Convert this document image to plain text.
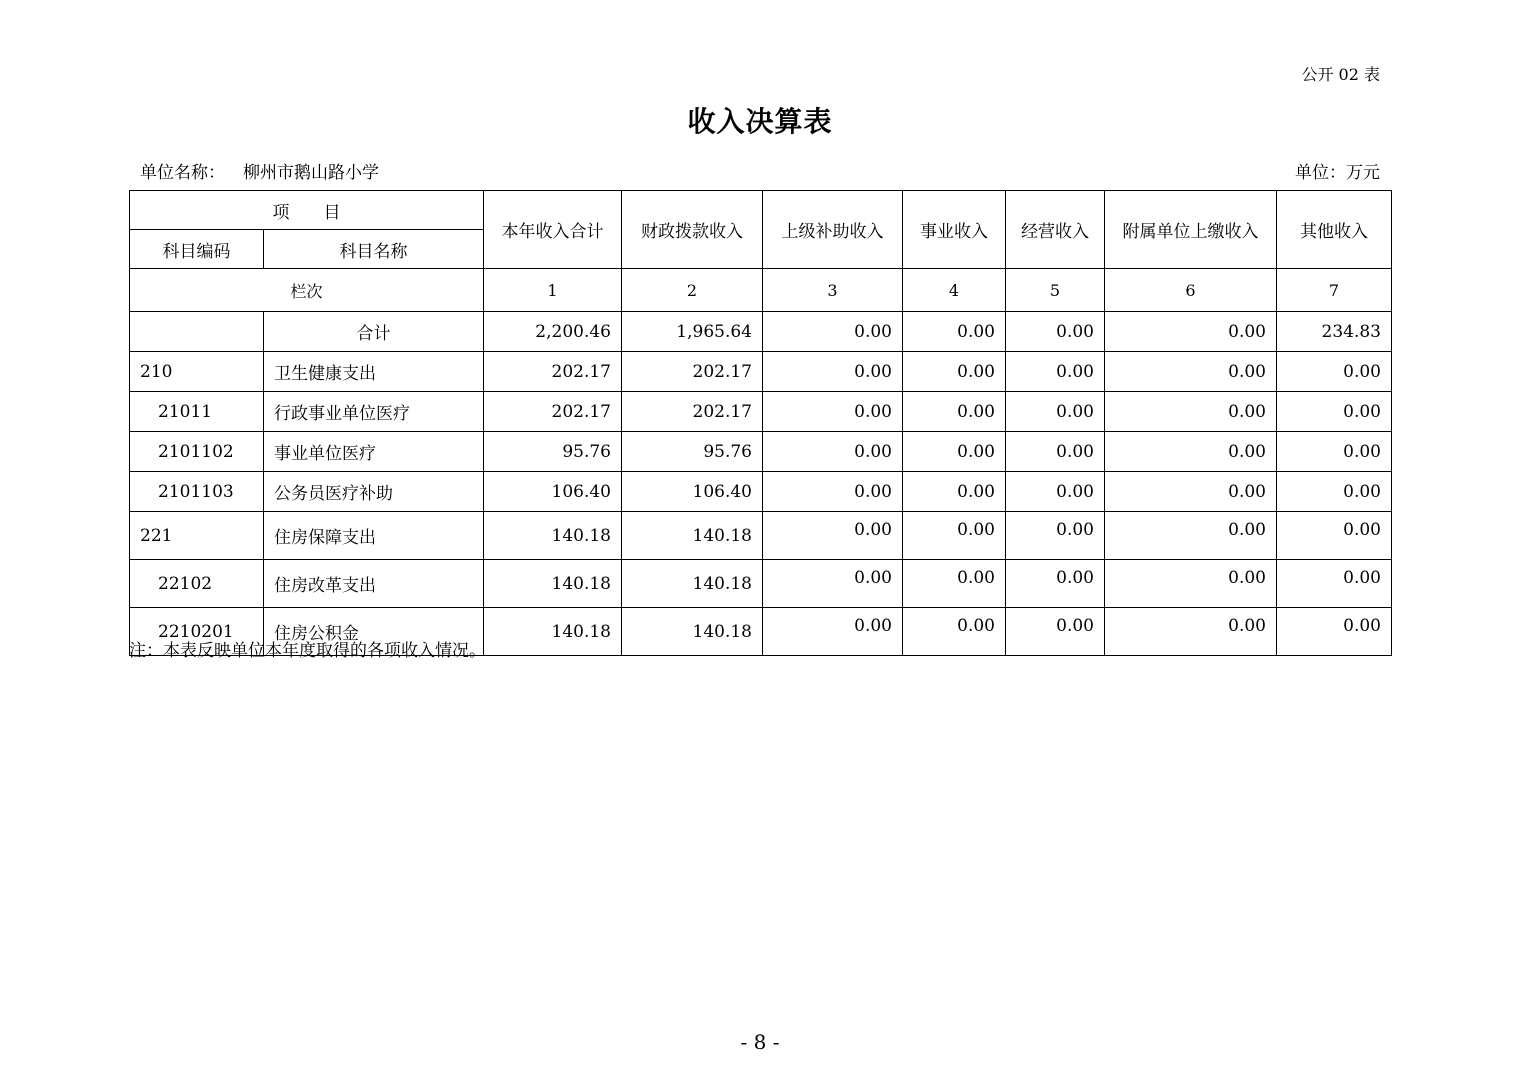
公开 02 表
收入决算表
单位名称： 柳州市鹅山路小学	单位：万元
项　　目		本年收入合计	财政拨款收入	上级补助收入	事业收入	经营收入	附属单位上缴收入	其他收入
科目编码	科目名称							
栏次		1	2	3	4	5	6	7
	合计	2,200.46	1,965.64	0.00	0.00	0.00	0.00	234.83
210	卫生健康支出	202.17	202.17	0.00	0.00	0.00	0.00	0.00
21011	行政事业单位医疗	202.17	202.17	0.00	0.00	0.00	0.00	0.00
2101102	事业单位医疗	95.76	95.76	0.00	0.00	0.00	0.00	0.00
2101103	公务员医疗补助	106.40	106.40	0.00	0.00	0.00	0.00	0.00
221	住房保障支出	140.18	140.18	0.00	0.00	0.00	0.00	0.00
22102	住房改革支出	140.18	140.18	0.00	0.00	0.00	0.00	0.00
2210201	住房公积金	140.18	140.18	0.00	0.00	0.00	0.00	0.00
注：本表反映单位本年度取得的各项收入情况。
- 8 -
